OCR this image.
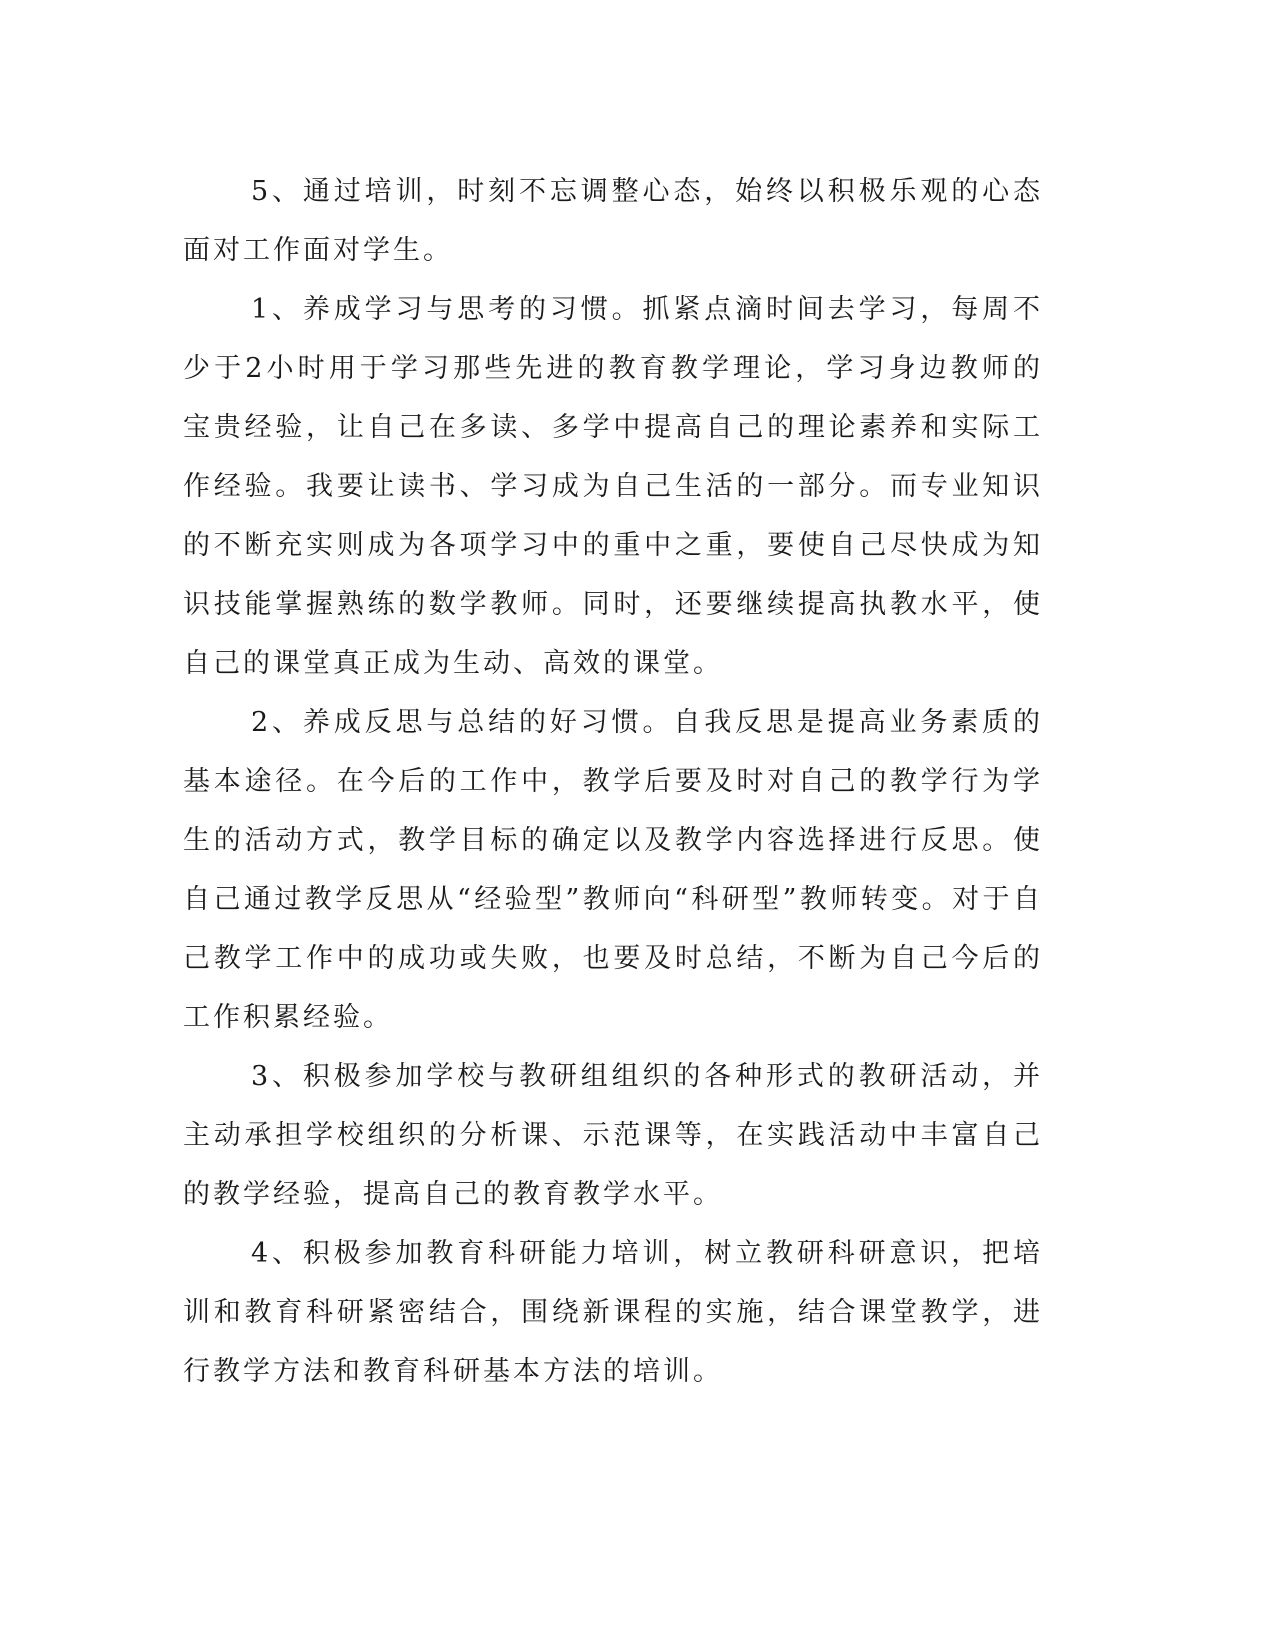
5、通过培训，时刻不忘调整心态，始终以积极乐观的心态面对工作面对学生。

1、养成学习与思考的习惯。抓紧点滴时间去学习，每周不少于2小时用于学习那些先进的教育教学理论，学习身边教师的宝贵经验，让自己在多读、多学中提高自己的理论素养和实际工作经验。我要让读书、学习成为自己生活的一部分。而专业知识的不断充实则成为各项学习中的重中之重，要使自己尽快成为知识技能掌握熟练的数学教师。同时，还要继续提高执教水平，使自己的课堂真正成为生动、高效的课堂。

2、养成反思与总结的好习惯。自我反思是提高业务素质的基本途径。在今后的工作中，教学后要及时对自己的教学行为学生的活动方式，教学目标的确定以及教学内容选择进行反思。使自己通过教学反思从“经验型”教师向“科研型”教师转变。对于自己教学工作中的成功或失败，也要及时总结，不断为自己今后的工作积累经验。

3、积极参加学校与教研组组织的各种形式的教研活动，并主动承担学校组织的分析课、示范课等，在实践活动中丰富自己的教学经验，提高自己的教育教学水平。

4、积极参加教育科研能力培训，树立教研科研意识，把培训和教育科研紧密结合，围绕新课程的实施，结合课堂教学，进行教学方法和教育科研基本方法的培训。
